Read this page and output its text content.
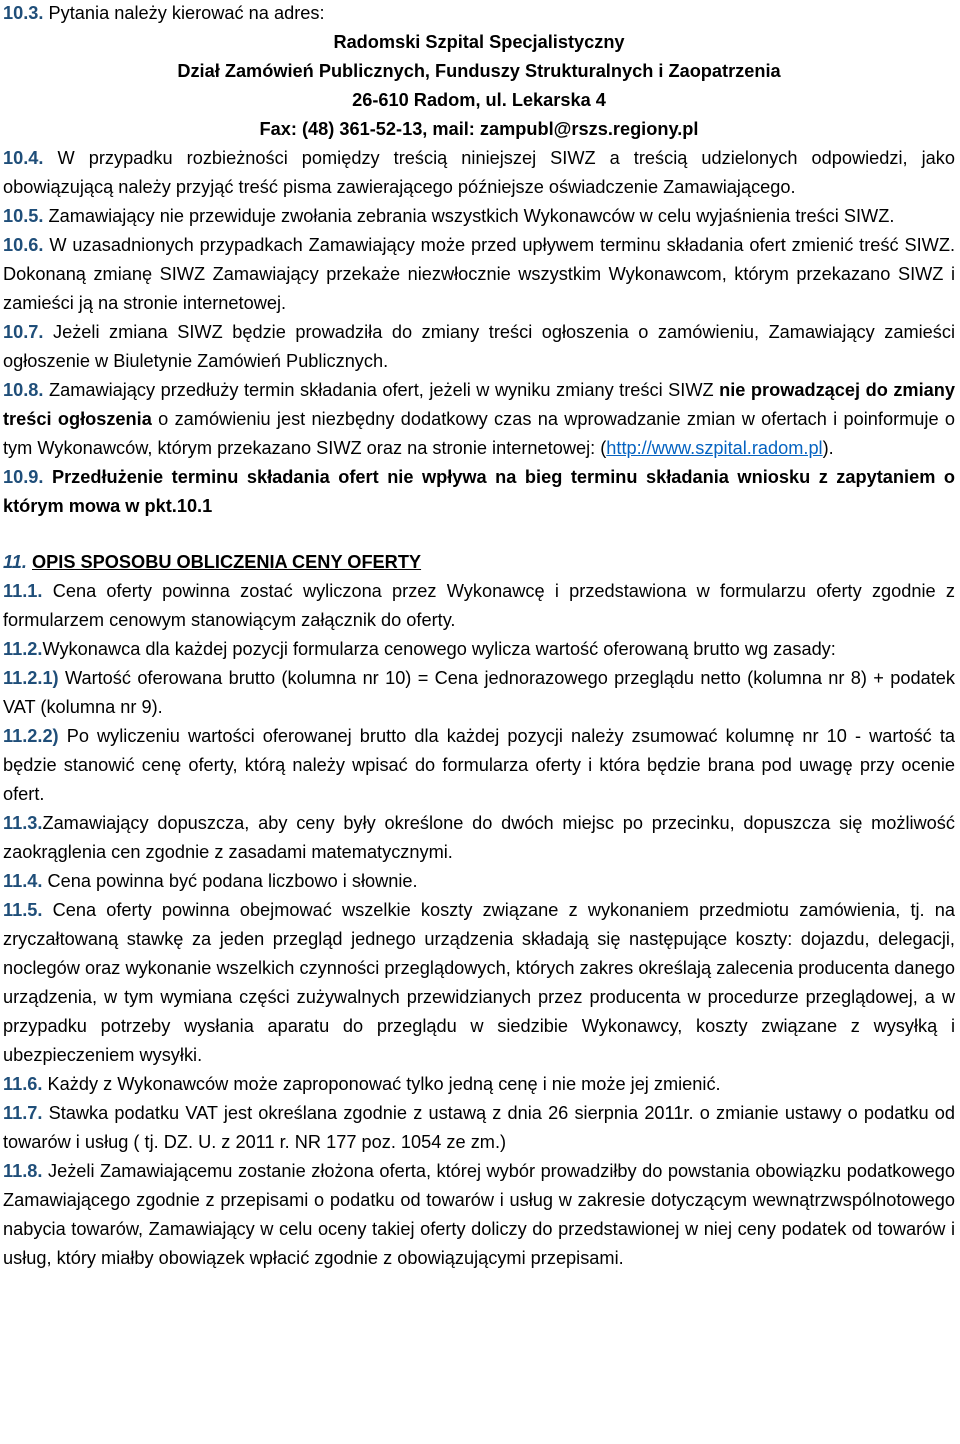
10.3. Pytania należy kierować na adres:

Radomski Szpital Specjalistyczny

Dział Zamówień Publicznych, Funduszy Strukturalnych i Zaopatrzenia

26-610 Radom, ul. Lekarska 4

Fax: (48) 361-52-13, mail: zampubl@rszs.regiony.pl

10.4. W przypadku rozbieżności pomiędzy treścią niniejszej SIWZ a treścią udzielonych odpowiedzi, jako obowiązującą należy przyjąć treść pisma zawierającego późniejsze oświadczenie Zamawiającego.

10.5. Zamawiający nie przewiduje zwołania zebrania wszystkich Wykonawców w celu wyjaśnienia treści SIWZ.

10.6. W uzasadnionych przypadkach Zamawiający może przed upływem terminu składania ofert zmienić treść SIWZ. Dokonaną zmianę SIWZ Zamawiający przekaże niezwłocznie wszystkim Wykonawcom, którym przekazano SIWZ i zamieści ją na stronie internetowej.

10.7. Jeżeli zmiana SIWZ będzie prowadziła do zmiany treści ogłoszenia o zamówieniu, Zamawiający zamieści ogłoszenie w Biuletynie Zamówień Publicznych.

10.8. Zamawiający przedłuży termin składania ofert, jeżeli w wyniku zmiany treści SIWZ nie prowadzącej do zmiany treści ogłoszenia o zamówieniu jest niezbędny dodatkowy czas na wprowadzanie zmian w ofertach i poinformuje o tym Wykonawców, którym przekazano SIWZ oraz na stronie internetowej: (http://www.szpital.radom.pl).

10.9. Przedłużenie terminu składania ofert nie wpływa na bieg terminu składania wniosku z zapytaniem o którym mowa w pkt.10.1

11. OPIS SPOSOBU OBLICZENIA CENY OFERTY

11.1. Cena oferty powinna zostać wyliczona przez Wykonawcę i przedstawiona w formularzu oferty zgodnie z formularzem cenowym stanowiącym załącznik do oferty.

11.2.Wykonawca dla każdej pozycji formularza cenowego wylicza wartość oferowaną brutto wg zasady:

11.2.1) Wartość oferowana brutto (kolumna nr 10) = Cena jednorazowego przeglądu netto (kolumna nr 8) + podatek VAT (kolumna nr 9).

11.2.2) Po wyliczeniu wartości oferowanej brutto dla każdej pozycji należy zsumować kolumnę nr 10 - wartość ta będzie stanowić cenę oferty, którą należy wpisać do formularza oferty i która będzie brana pod uwagę przy ocenie ofert.

11.3.Zamawiający dopuszcza, aby ceny były określone do dwóch miejsc po przecinku, dopuszcza się możliwość zaokrąglenia cen zgodnie z zasadami matematycznymi.

11.4. Cena powinna być podana liczbowo i słownie.

11.5. Cena oferty powinna obejmować wszelkie koszty związane z wykonaniem przedmiotu zamówienia, tj. na zryczałtowaną stawkę za jeden przegląd jednego urządzenia składają się następujące koszty: dojazdu, delegacji, noclegów oraz wykonanie wszelkich czynności przeglądowych, których zakres określają zalecenia producenta danego urządzenia, w tym wymiana części zużywalnych przewidzianych przez producenta w procedurze przeglądowej, a w przypadku potrzeby wysłania aparatu do przeglądu w siedzibie Wykonawcy, koszty związane z wysyłką i ubezpieczeniem wysyłki.

11.6. Każdy z Wykonawców może zaproponować tylko jedną cenę i nie może jej zmienić.

11.7. Stawka podatku VAT jest określana zgodnie z ustawą z dnia 26 sierpnia 2011r. o zmianie ustawy o podatku od towarów i usług ( tj. DZ. U. z 2011 r. NR 177 poz. 1054 ze zm.)

11.8. Jeżeli Zamawiającemu zostanie złożona oferta, której wybór prowadziłby do powstania obowiązku podatkowego Zamawiającego zgodnie z przepisami o podatku od towarów i usług w zakresie dotyczącym wewnątrzwspólnotowego nabycia towarów, Zamawiający w celu oceny takiej oferty doliczy do przedstawionej w niej ceny podatek od towarów i usług, który miałby obowiązek wpłacić zgodnie z obowiązującymi przepisami.
